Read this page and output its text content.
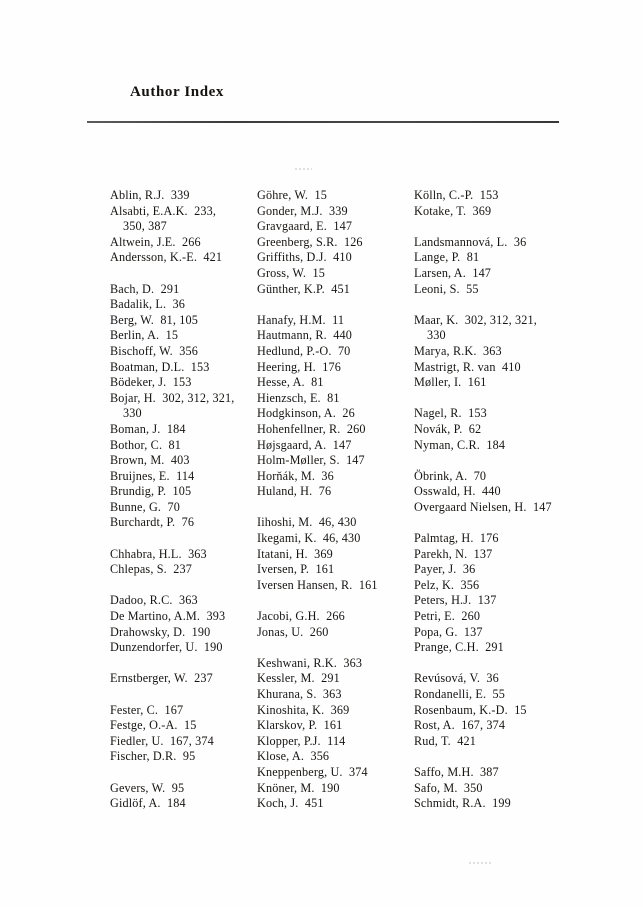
Author Index
Ablin, R.J.  339
Alsabti, E.A.K.  233,
350, 387
Altwein, J.E.  266
Andersson, K.-E.  421

Bach, D.  291
Badalik, L.  36
Berg, W.  81, 105
Berlin, A.  15
Bischoff, W.  356
Boatman, D.L.  153
Bödeker, J.  153
Bojar, H.  302, 312, 321,
330
Boman, J.  184
Bothor, C.  81
Brown, M.  403
Bruijnes, E.  114
Brundig, P.  105
Bunne, G.  70
Burchardt, P.  76

Chhabra, H.L.  363
Chlepas, S.  237

Dadoo, R.C.  363
De Martino, A.M.  393
Drahowsky, D.  190
Dunzendorfer, U.  190

Ernstberger, W.  237

Fester, C.  167
Festge, O.-A.  15
Fiedler, U.  167, 374
Fischer, D.R.  95

Gevers, W.  95
Gidlöf, A.  184
Göhre, W.  15
Gonder, M.J.  339
Gravgaard, E.  147
Greenberg, S.R.  126
Griffiths, D.J.  410
Gross, W.  15
Günther, K.P.  451

Hanafy, H.M.  11
Hautmann, R.  440
Hedlund, P.-O.  70
Heering, H.  176
Hesse, A.  81
Hienzsch, E.  81
Hodgkinson, A.  26
Hohenfellner, R.  260
Højsgaard, A.  147
Holm-Møller, S.  147
Horňák, M.  36
Huland, H.  76

Iihoshi, M.  46, 430
Ikegami, K.  46, 430
Itatani, H.  369
Iversen, P.  161
Iversen Hansen, R.  161

Jacobi, G.H.  266
Jonas, U.  260

Keshwani, R.K.  363
Kessler, M.  291
Khurana, S.  363
Kinoshita, K.  369
Klarskov, P.  161
Klopper, P.J.  114
Klose, A.  356
Kneppenberg, U.  374
Knöner, M.  190
Koch, J.  451
Kölln, C.-P.  153
Kotake, T.  369

Landsmannová, L.  36
Lange, P.  81
Larsen, A.  147
Leoni, S.  55

Maar, K.  302, 312, 321,
330
Marya, R.K.  363
Mastrigt, R. van  410
Møller, I.  161

Nagel, R.  153
Novák, P.  62
Nyman, C.R.  184

Öbrink, A.  70
Osswald, H.  440
Overgaard Nielsen, H.  147

Palmtag, H.  176
Parekh, N.  137
Payer, J.  36
Pelz, K.  356
Peters, H.J.  137
Petri, E.  260
Popa, G.  137
Prange, C.H.  291

Revúsová, V.  36
Rondanelli, E.  55
Rosenbaum, K.-D.  15
Rost, A.  167, 374
Rud, T.  421

Saffo, M.H.  387
Safo, M.  350
Schmidt, R.A.  199
